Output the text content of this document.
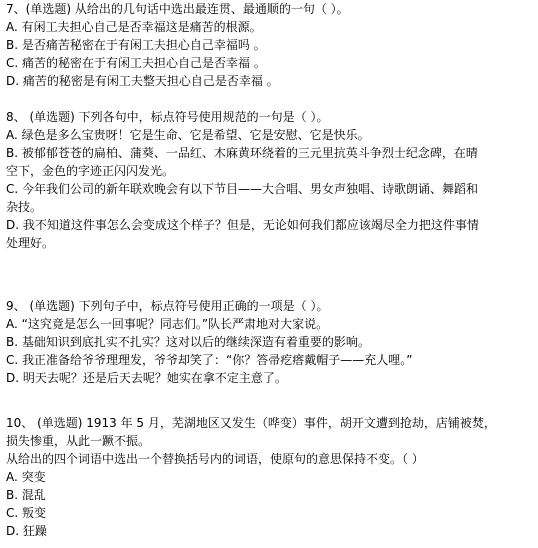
7、(单选题) 从给出的几句话中选出最连贯、最通顺的一句（ ）。
A. 有闲工夫担心自己是否幸福这是痛苦的根源。
B. 是否痛苦秘密在于有闲工夫担心自己幸福吗 。
C. 痛苦的秘密在于有闲工夫担心自己是否幸福 。
D. 痛苦的秘密是有闲工夫整天担心自己是否幸福 。
8、 (单选题) 下列各句中，标点符号使用规范的一句是（ ）。
A. 绿色是多么宝贵呀！它是生命、它是希望、它是安慰、它是快乐。
B. 被郁郁苍苍的扁柏、蒲葵、一品红、木麻黄环绕着的三元里抗英斗争烈士纪念碑，在晴
空下，金色的字迹正闪闪发光。
C. 今年我们公司的新年联欢晚会有以下节目——大合唱、男女声独唱、诗歌朗诵、舞蹈和
杂技。
D. 我不知道这件事怎么会变成这个样子？但是，无论如何我们都应该竭尽全力把这件事情
处理好。
9、 (单选题) 下列句子中，标点符号使用正确的一项是（ ）。
A. “这究竟是怎么一回事呢？同志们。”队长严肃地对大家说。
B. 基础知识到底扎实不扎实？这对以后的继续深造有着重要的影响。
C. 我正准备给爷爷理理发，爷爷却笑了：“你？答帚疙瘩戴帽子——充人哩。”
D. 明天去呢？还是后天去呢？她实在拿不定主意了。
10、 (单选题) 1913 年 5 月，芜湖地区又发生（哗变）事件，胡开文遭到抢劫，店铺被焚，
损失惨重，从此一蹶不振。
从给出的四个词语中选出一个替换括号内的词语，使原句的意思保持不变。（ ）
A. 突变
B. 混乱
C. 叛变
D. 狂躁
